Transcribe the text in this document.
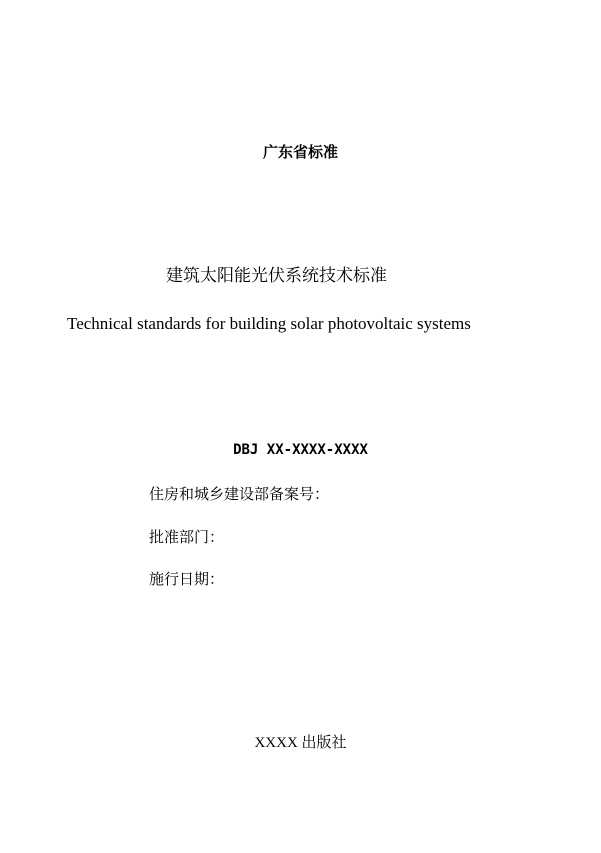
广东省标准
建筑太阳能光伏系统技术标准
Technical standards for building solar photovoltaic systems
DBJ XX-XXXX-XXXX
住房和城乡建设部备案号：
批准部门：
施行日期：
XXXX 出版社
